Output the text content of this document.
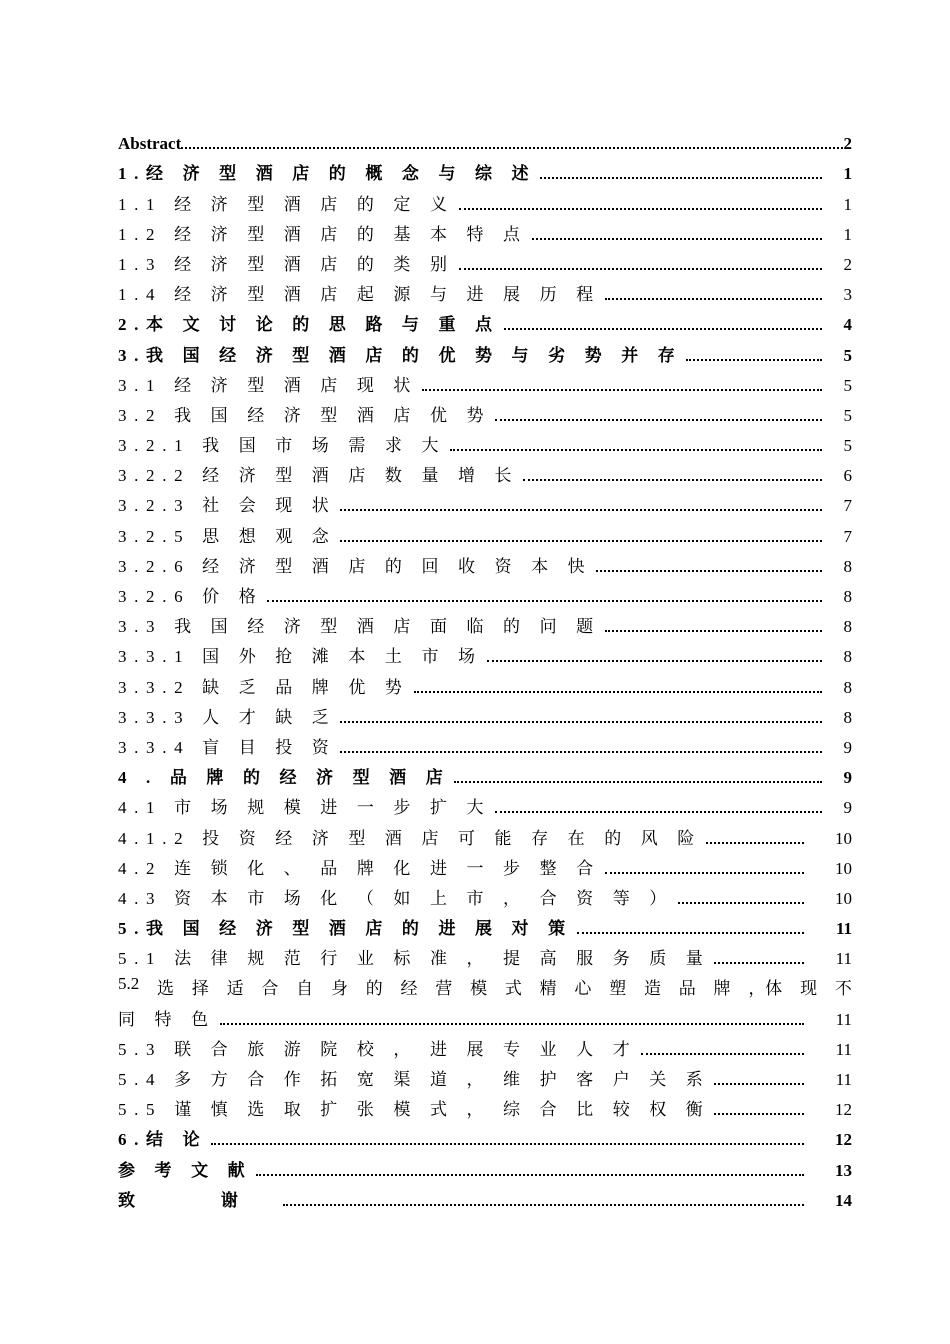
Abstract	2
1.经 济 型 酒 店 的 概 念 与 综 述	1
1.1 经 济 型 酒 店 的 定 义	1
1.2 经 济 型 酒 店 的 基 本 特 点	1
1.3 经 济 型 酒 店 的 类 别	2
1.4 经 济 型 酒 店 起 源 与 进 展 历 程	3
2.本 文 讨 论 的 思 路 与 重 点	4
3.我 国 经 济 型 酒 店 的 优 势 与 劣 势 并 存	5
3.1 经 济 型 酒 店 现 状	5
3.2 我 国 经 济 型 酒 店 优 势	5
3.2.1 我 国 市 场 需 求 大	5
3.2.2 经 济 型 酒 店 数 量 增 长	6
3.2.3 社 会 现 状	7
3.2.5 思 想 观 念	7
3.2.6 经 济 型 酒 店 的 回 收 资 本 快	8
3.2.6 价 格	8
3.3 我 国 经 济 型 酒 店 面 临 的 问 题	8
3.3.1 国 外 抢 滩 本 土 市 场	8
3.3.2 缺 乏 品 牌 优 势	8
3.3.3 人 才 缺 乏	8
3.3.4 盲 目 投 资	9
4 . 品 牌 的 经 济 型 酒 店	9
4.1 市 场 规 模 进 一 步 扩 大	9
4.1.2 投 资 经 济 型 酒 店 可 能 存 在 的 风 险	10
4.2 连 锁 化 、 品 牌 化 进 一 步 整 合	10
4.3 资 本 市 场 化 （ 如 上 市 ， 合 资 等 ）	10
5.我 国 经 济 型 酒 店 的 进 展 对 策	11
5.1 法 律 规 范 行 业 标 准 ， 提 高 服 务 质 量	11
5.2 选 择 适 合 自 身 的 经 营 模 式 精 心 塑 造 品 牌 ，体 现 不
同 特 色	11
5.3 联 合 旅 游 院 校 ， 进 展 专 业 人 才	11
5.4 多 方 合 作 拓 宽 渠 道 ， 维 护 客 户 关 系	11
5.5 谨 慎 选 取 扩 张 模 式 ， 综 合 比 较 权 衡	12
6.结 论	12
参 考 文 献	13
致 谢	14
